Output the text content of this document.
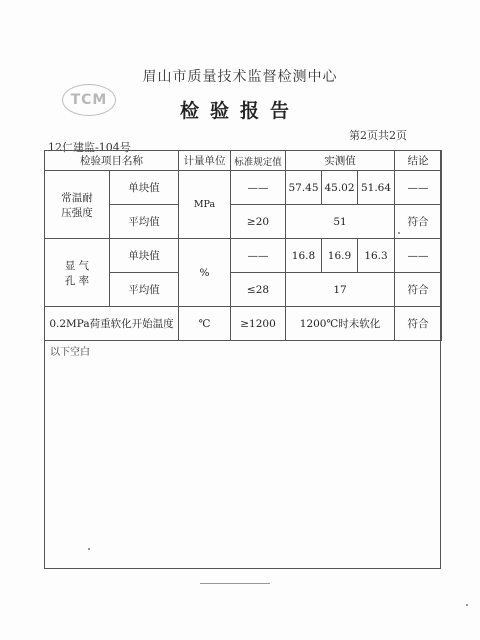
TCM
眉山市质量技术监督检测中心
检验报告
第2页共2页
12仁建监-104号
检验项目名称		计量单位	标准规定值	实测值			结论

常温耐
压强度	单块值	MPa	——	57.45	45.02	51.64	——
	平均值		≥20	51			符合

显 气
孔 率	单块值	%	——	16.8	16.9	16.3	——
	平均值		≤28	17			符合
0.2MPa荷重软化开始温度		℃	≥1200	1200℃时未软化			符合
以下空白
